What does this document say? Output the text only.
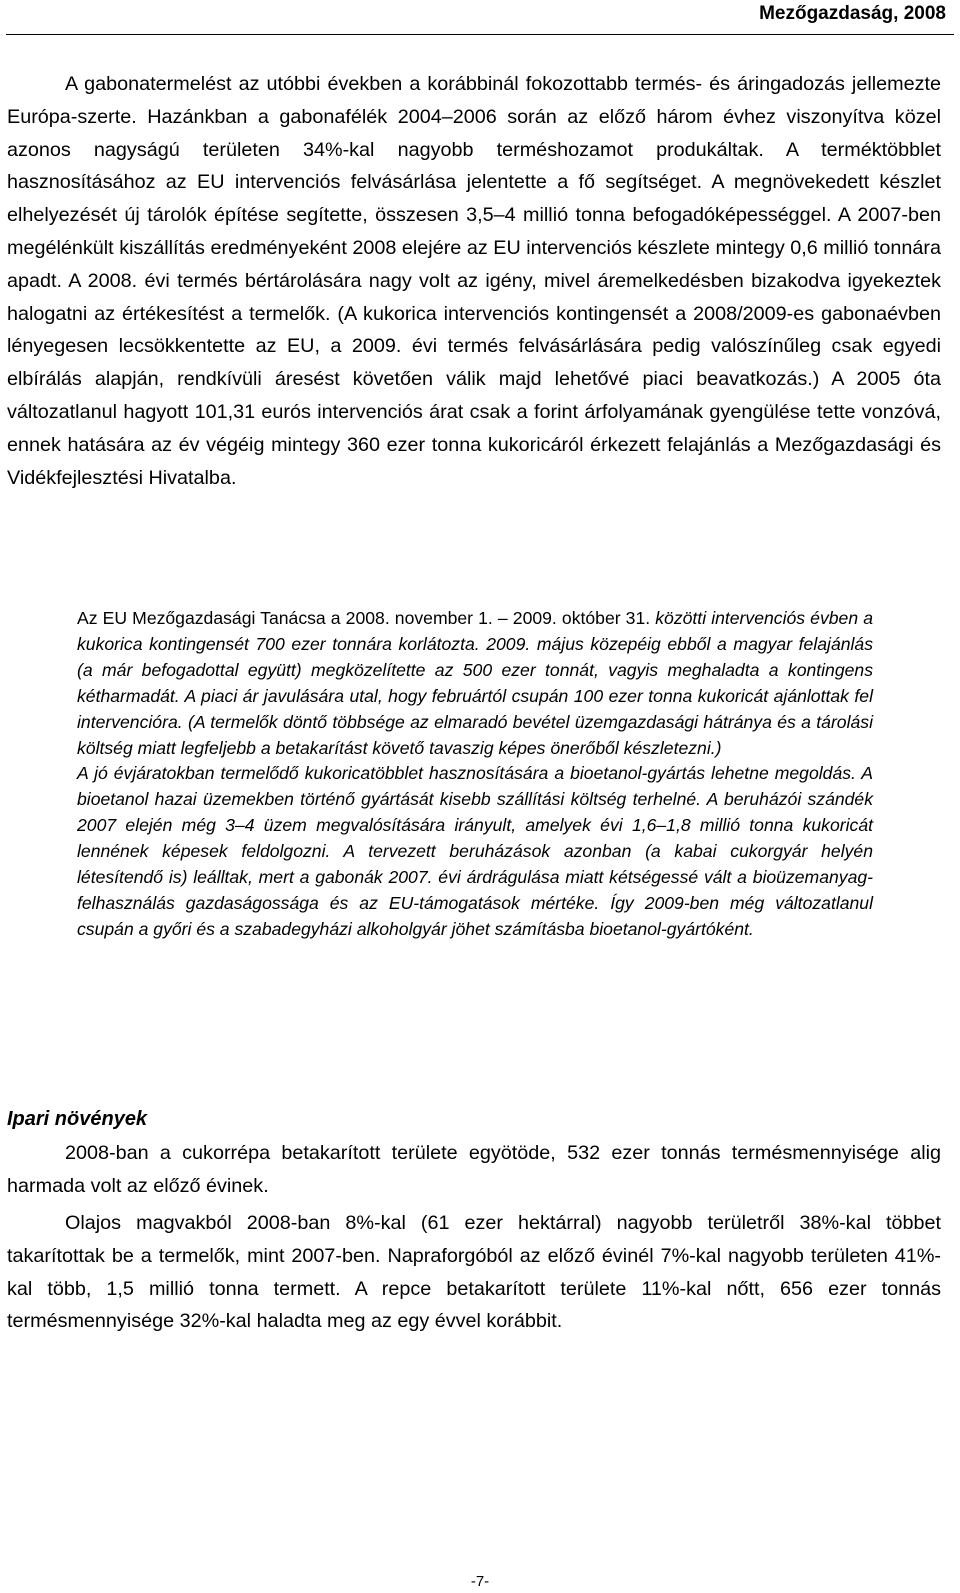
Mezőgazdaság, 2008

A gabonatermelést az utóbbi években a korábbinál fokozottabb termés- és áringadozás jellemezte Európa-szerte. Hazánkban a gabonafélék 2004–2006 során az előző három évhez viszonyítva közel azonos nagyságú területen 34%-kal nagyobb terméshozamot produkáltak. A terméktöbblet hasznosításához az EU intervenciós felvásárlása jelentette a fő segítséget. A megnövekedett készlet elhelyezését új tárolók építése segítette, összesen 3,5–4 millió tonna befogadóképességgel. A 2007-ben megélénkült kiszállítás eredményeként 2008 elejére az EU intervenciós készlete mintegy 0,6 millió tonnára apadt. A 2008. évi termés bértárolására nagy volt az igény, mivel áremelkedésben bizakodva igyekeztek halogatni az értékesítést a termelők. (A kukorica intervenciós kontingensét a 2008/2009-es gabonaévben lényegesen lecsökkentette az EU, a 2009. évi termés felvásárlására pedig valószínűleg csak egyedi elbírálás alapján, rendkívüli áresést követően válik majd lehetővé piaci beavatkozás.) A 2005 óta változatlanul hagyott 101,31 eurós intervenciós árat csak a forint árfolyamának gyengülése tette vonzóvá, ennek hatására az év végéig mintegy 360 ezer tonna kukoricáról érkezett felajánlás a Mezőgazdasági és Vidékfejlesztési Hivatalba.

Az EU Mezőgazdasági Tanácsa a 2008. november 1. – 2009. október 31. közötti intervenciós évben a kukorica kontingensét 700 ezer tonnára korlátozta. 2009. május közepéig ebből a magyar felajánlás (a már befogadottal együtt) megközelítette az 500 ezer tonnát, vagyis meghaladta a kontingens kétharmadát. A piaci ár javulására utal, hogy februártól csupán 100 ezer tonna kukoricát ajánlottak fel intervencióra. (A termelők döntő többsége az elmaradó bevétel üzemgazdasági hátránya és a tárolási költség miatt legfeljebb a betakarítást követő tavaszig képes önerőből készletezni.)

A jó évjáratokban termelődő kukoricatöbblet hasznosítására a bioetanol-gyártás lehetne megoldás. A bioetanol hazai üzemekben történő gyártását kisebb szállítási költség terhelné. A beruházói szándék 2007 elején még 3–4 üzem megvalósítására irányult, amelyek évi 1,6–1,8 millió tonna kukoricát lennének képesek feldolgozni. A tervezett beruházások azonban (a kabai cukorgyár helyén létesítendő is) leálltak, mert a gabonák 2007. évi árdrágulása miatt kétségessé vált a bioüzemanyag-felhasználás gazdaságossága és az EU-támogatások mértéke. Így 2009-ben még változatlanul csupán a győri és a szabadegyházi alkoholgyár jöhet számításba bioetanol-gyártóként.

Ipari növények

2008-ban a cukorrépa betakarított területe egyötöde, 532 ezer tonnás termésmennyisége alig harmada volt az előző évinek.

Olajos magvakból 2008-ban 8%-kal (61 ezer hektárral) nagyobb területről 38%-kal többet takarítottak be a termelők, mint 2007-ben. Napraforgóból az előző évinél 7%-kal nagyobb területen 41%-kal több, 1,5 millió tonna termett. A repce betakarított területe 11%-kal nőtt, 656 ezer tonnás termésmennyisége 32%-kal haladta meg az egy évvel korábbit.

-7-
